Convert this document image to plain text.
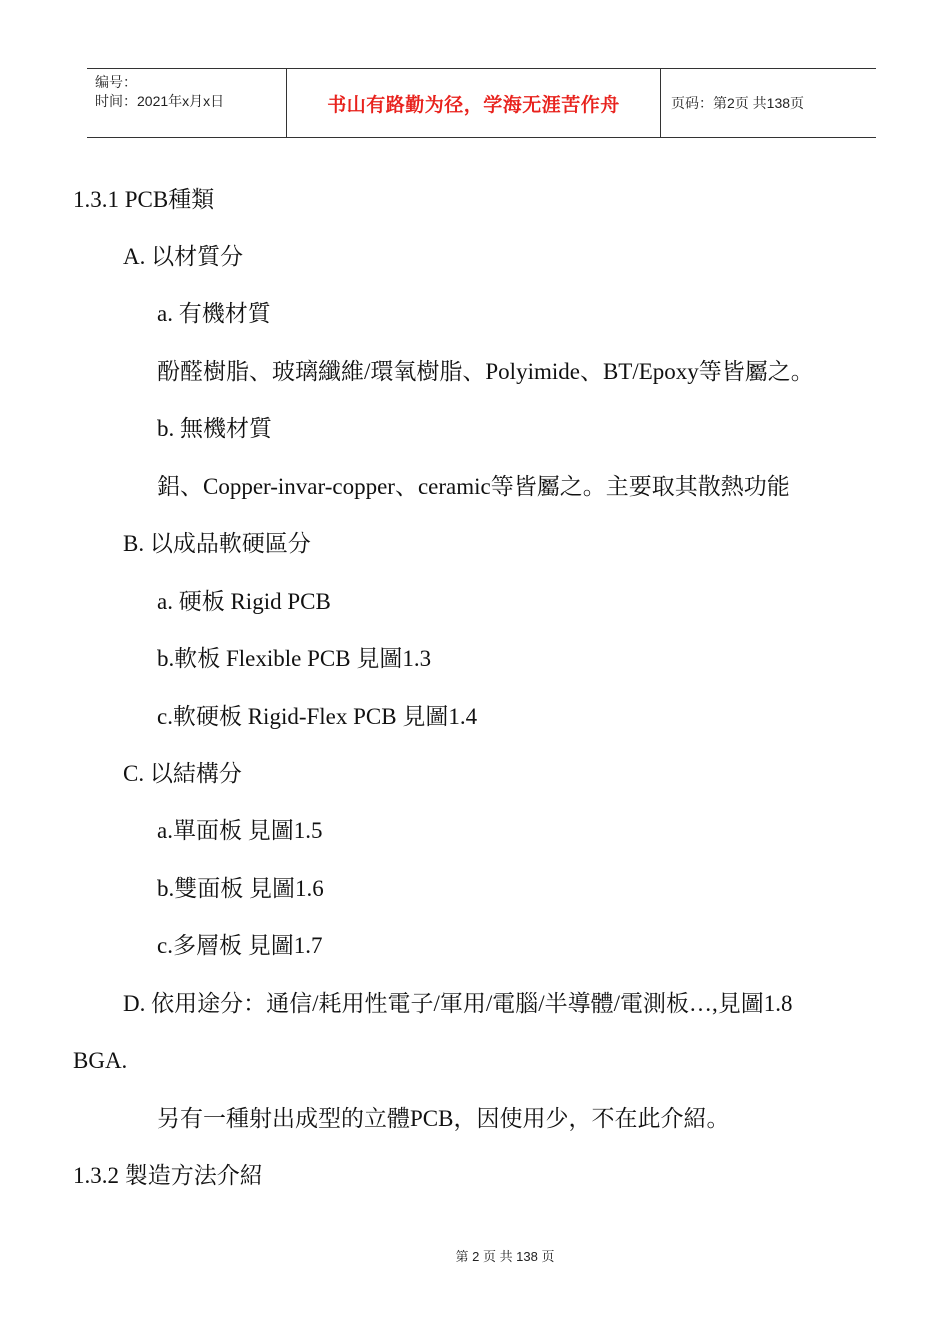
编号：
时间：2021年x月x日	书山有路勤为径，学海无涯苦作舟	页码：第2页 共138页
1.3.1 PCB種類
A. 以材質分
a. 有機材質
酚醛樹脂、玻璃纖維/環氧樹脂、Polyimide、BT/Epoxy等皆屬之。
b. 無機材質
鋁、Copper-invar-copper、ceramic等皆屬之。主要取其散熱功能
B. 以成品軟硬區分
a. 硬板 Rigid PCB
b.軟板 Flexible PCB 見圖1.3
c.軟硬板 Rigid-Flex PCB 見圖1.4
C. 以結構分
a.單面板 見圖1.5
b.雙面板 見圖1.6
c.多層板 見圖1.7
D. 依用途分：通信/耗用性電子/軍用/電腦/半導體/電測板…,見圖1.8
BGA.
另有一種射出成型的立體PCB，因使用少，不在此介紹。
1.3.2 製造方法介紹
第 2 页 共 138 页
